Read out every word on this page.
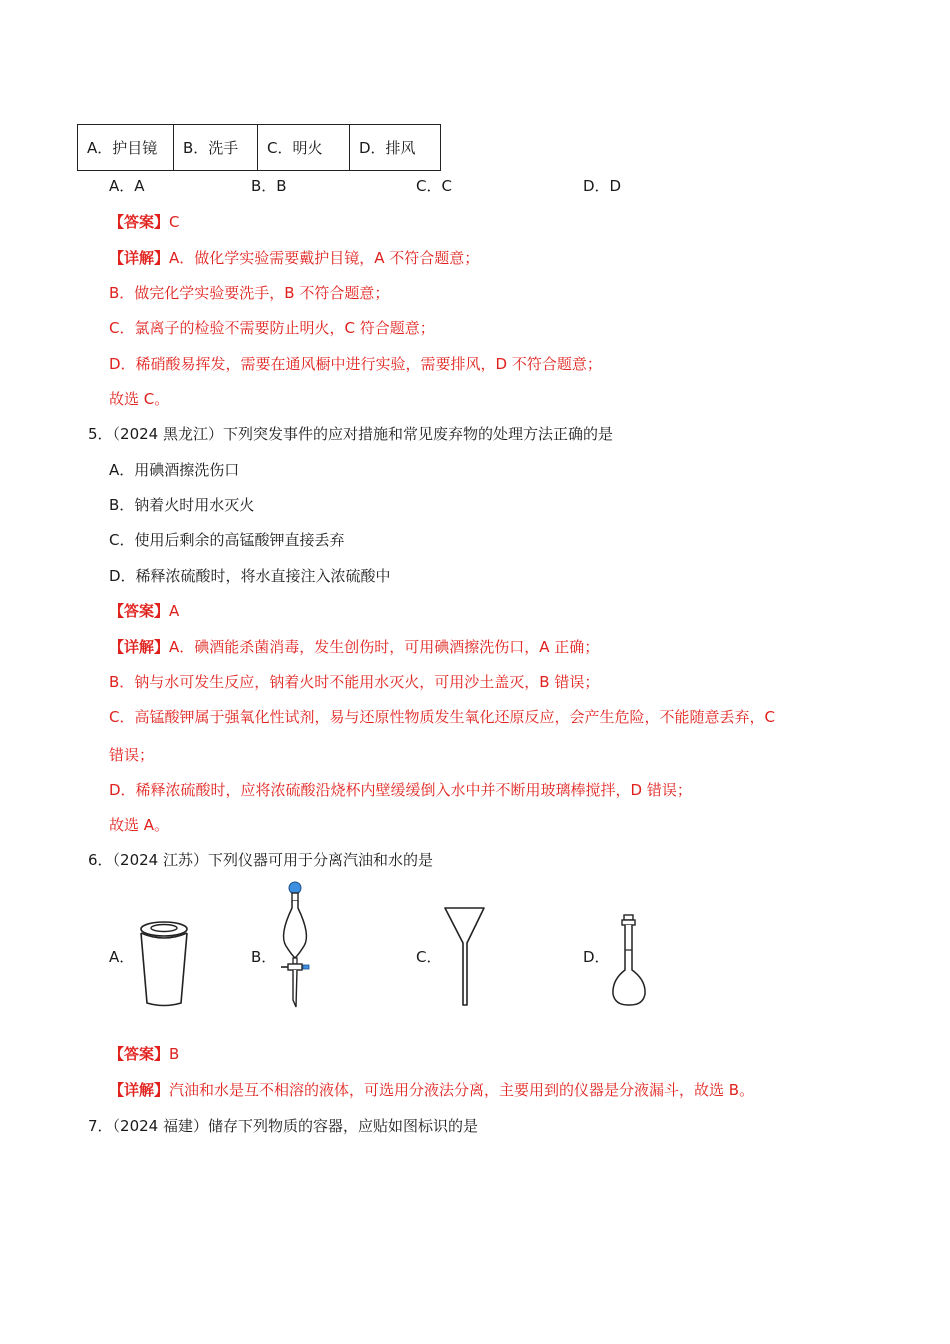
A．护目镜	B．洗手	C．明火	D．排风
A．A	B．B	C．C	D．D
【答案】C
【详解】A．做化学实验需要戴护目镜，A 不符合题意；
B．做完化学实验要洗手，B 不符合题意；
C．氯离子的检验不需要防止明火，C 符合题意；
D．稀硝酸易挥发，需要在通风橱中进行实验，需要排风，D 不符合题意；
故选 C。
5．（2024 黑龙江）下列突发事件的应对措施和常见废弃物的处理方法正确的是
A．用碘酒擦洗伤口
B．钠着火时用水灭火
C．使用后剩余的高锰酸钾直接丢弃
D．稀释浓硫酸时，将水直接注入浓硫酸中
【答案】A
【详解】A．碘酒能杀菌消毒，发生创伤时，可用碘酒擦洗伤口，A 正确；
B．钠与水可发生反应，钠着火时不能用水灭火，可用沙土盖灭，B 错误；
C．高锰酸钾属于强氧化性试剂，易与还原性物质发生氧化还原反应，会产生危险，不能随意丢弃，C
错误；
D．稀释浓硫酸时，应将浓硫酸沿烧杯内壁缓缓倒入水中并不断用玻璃棒搅拌，D 错误；
故选 A。
6．（2024 江苏）下列仪器可用于分离汽油和水的是
A．	B．	C．	D．
【答案】B
【详解】汽油和水是互不相溶的液体，可选用分液法分离，主要用到的仪器是分液漏斗，故选 B。
7．（2024 福建）储存下列物质的容器，应贴如图标识的是
